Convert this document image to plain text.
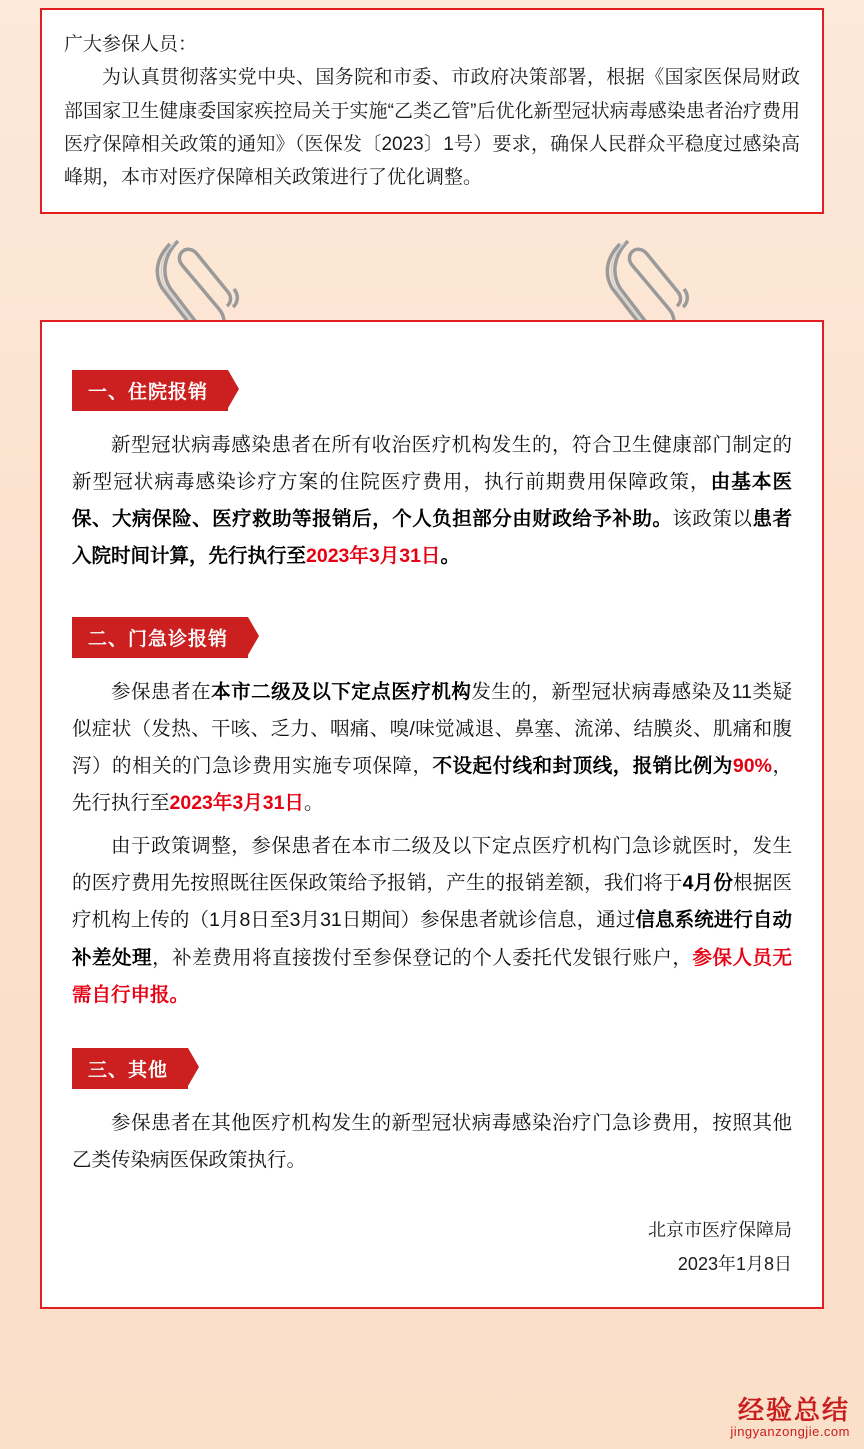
广大参保人员：
为认真贯彻落实党中央、国务院和市委、市政府决策部署，根据《国家医保局财政部国家卫生健康委国家疾控局关于实施“乙类乙管”后优化新型冠状病毒感染患者治疗费用医疗保障相关政策的通知》（医保发〔2023〕1号）要求，确保人民群众平稳度过感染高峰期，本市对医疗保障相关政策进行了优化调整。
一、住院报销

新型冠状病毒感染患者在所有收治医疗机构发生的，符合卫生健康部门制定的新型冠状病毒感染诊疗方案的住院医疗费用，执行前期费用保障政策，由基本医保、大病保险、医疗救助等报销后，个人负担部分由财政给予补助。该政策以患者入院时间计算，先行执行至2023年3月31日。

二、门急诊报销

参保患者在本市二级及以下定点医疗机构发生的，新型冠状病毒感染及11类疑似症状（发热、干咳、乏力、咽痛、嗅/味觉减退、鼻塞、流涕、结膜炎、肌痛和腹泻）的相关的门急诊费用实施专项保障，不设起付线和封顶线，报销比例为90%，先行执行至2023年3月31日。

由于政策调整，参保患者在本市二级及以下定点医疗机构门急诊就医时，发生的医疗费用先按照既往医保政策给予报销，产生的报销差额，我们将于4月份根据医疗机构上传的（1月8日至3月31日期间）参保患者就诊信息，通过信息系统进行自动补差处理，补差费用将直接拨付至参保登记的个人委托代发银行账户，参保人员无需自行申报。

三、其他

参保患者在其他医疗机构发生的新型冠状病毒感染治疗门急诊费用，按照其他乙类传染病医保政策执行。

北京市医疗保障局
2023年1月8日
经验总结
jingyanzongjie.com
